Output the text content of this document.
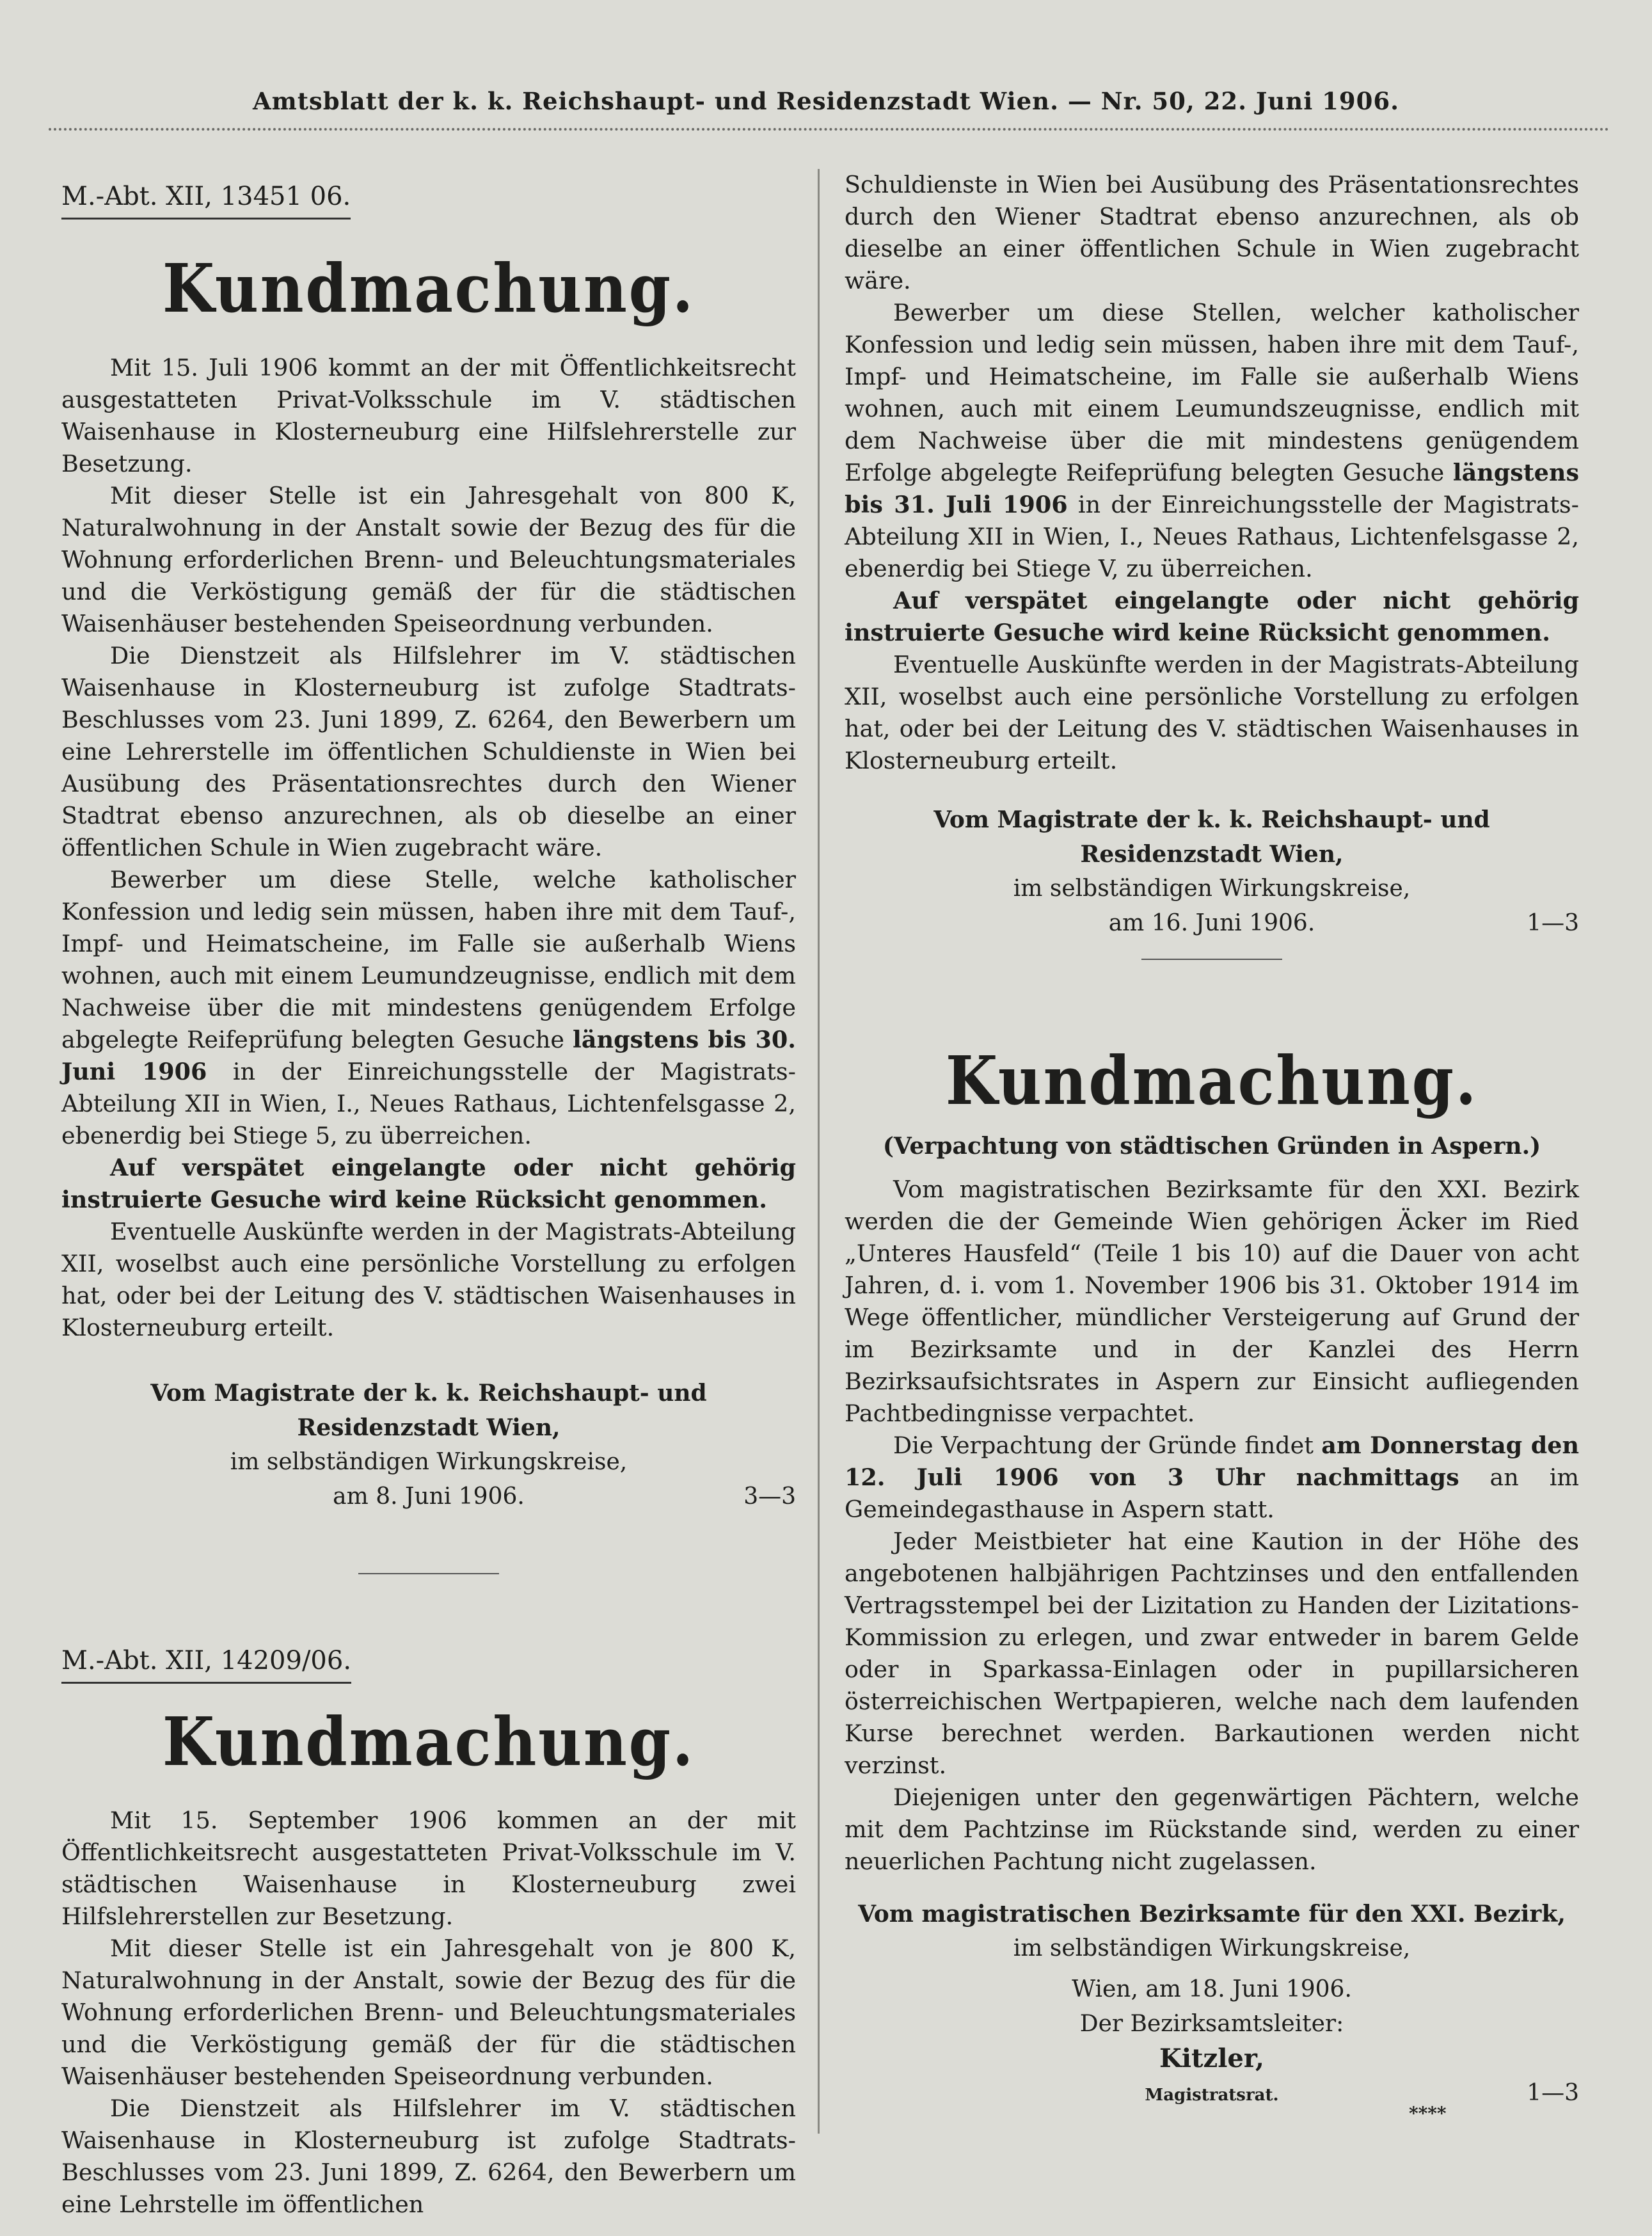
Amtsblatt der k. k. Reichshaupt- und Residenzstadt Wien. — Nr. 50, 22. Juni 1906.
M.-Abt. XII, 13451 06.
Kundmachung.

Mit 15. Juli 1906 kommt an der mit Öffentlichkeitsrecht ausgestatteten Privat-Volksschule im V. städtischen Waisenhause in Klosterneuburg eine Hilfslehrerstelle zur Besetzung.

Mit dieser Stelle ist ein Jahresgehalt von 800 K, Naturalwohnung in der Anstalt sowie der Bezug des für die Wohnung erforderlichen Brenn- und Beleuchtungsmateriales und die Verköstigung gemäß der für die städtischen Waisenhäuser bestehenden Speiseordnung verbunden.

Die Dienstzeit als Hilfslehrer im V. städtischen Waisenhause in Klosterneuburg ist zufolge Stadtrats-Beschlusses vom 23. Juni 1899, Z. 6264, den Bewerbern um eine Lehrerstelle im öffentlichen Schuldienste in Wien bei Ausübung des Präsentationsrechtes durch den Wiener Stadtrat ebenso anzurechnen, als ob dieselbe an einer öffentlichen Schule in Wien zugebracht wäre.

Bewerber um diese Stelle, welche katholischer Konfession und ledig sein müssen, haben ihre mit dem Tauf-, Impf- und Heimatscheine, im Falle sie außerhalb Wiens wohnen, auch mit einem Leumundzeugnisse, endlich mit dem Nachweise über die mit mindestens genügendem Erfolge abgelegte Reifeprüfung belegten Gesuche längstens bis 30. Juni 1906 in der Einreichungsstelle der Magistrats-Abteilung XII in Wien, I., Neues Rathaus, Lichtenfelsgasse 2, ebenerdig bei Stiege 5, zu überreichen.

Auf verspätet eingelangte oder nicht gehörig instruierte Gesuche wird keine Rücksicht genommen.

Eventuelle Auskünfte werden in der Magistrats-Abteilung XII, woselbst auch eine persönliche Vorstellung zu erfolgen hat, oder bei der Leitung des V. städtischen Waisenhauses in Klosterneuburg erteilt.

Vom Magistrate der k. k. Reichshaupt- und Residenzstadt Wien,
im selbständigen Wirkungskreise,
am 8. Juni 1906.	3—3
M.-Abt. XII, 14209/06.
Kundmachung.

Mit 15. September 1906 kommen an der mit Öffentlichkeitsrecht ausgestatteten Privat-Volksschule im V. städtischen Waisenhause in Klosterneuburg zwei Hilfslehrerstellen zur Besetzung.

Mit dieser Stelle ist ein Jahresgehalt von je 800 K, Naturalwohnung in der Anstalt, sowie der Bezug des für die Wohnung erforderlichen Brenn- und Beleuchtungsmateriales und die Verköstigung gemäß der für die städtischen Waisenhäuser bestehenden Speiseordnung verbunden.

Die Dienstzeit als Hilfslehrer im V. städtischen Waisenhause in Klosterneuburg ist zufolge Stadtrats-Beschlusses vom 23. Juni 1899, Z. 6264, den Bewerbern um eine Lehrstelle im öffentlichen

Schuldienste in Wien bei Ausübung des Präsentationsrechtes durch den Wiener Stadtrat ebenso anzurechnen, als ob dieselbe an einer öffentlichen Schule in Wien zugebracht wäre.

Bewerber um diese Stellen, welcher katholischer Konfession und ledig sein müssen, haben ihre mit dem Tauf-, Impf- und Heimatscheine, im Falle sie außerhalb Wiens wohnen, auch mit einem Leumundszeugnisse, endlich mit dem Nachweise über die mit mindestens genügendem Erfolge abgelegte Reifeprüfung belegten Gesuche längstens bis 31. Juli 1906 in der Einreichungsstelle der Magistrats-Abteilung XII in Wien, I., Neues Rathaus, Lichtenfelsgasse 2, ebenerdig bei Stiege V, zu überreichen.

Auf verspätet eingelangte oder nicht gehörig instruierte Gesuche wird keine Rücksicht genommen.

Eventuelle Auskünfte werden in der Magistrats-Abteilung XII, woselbst auch eine persönliche Vorstellung zu erfolgen hat, oder bei der Leitung des V. städtischen Waisenhauses in Klosterneuburg erteilt.

Vom Magistrate der k. k. Reichshaupt- und Residenzstadt Wien,
im selbständigen Wirkungskreise,
am 16. Juni 1906.	1—3
Kundmachung.
(Verpachtung von städtischen Gründen in Aspern.)

Vom magistratischen Bezirksamte für den XXI. Bezirk werden die der Gemeinde Wien gehörigen Äcker im Ried „Unteres Hausfeld“ (Teile 1 bis 10) auf die Dauer von acht Jahren, d. i. vom 1. November 1906 bis 31. Oktober 1914 im Wege öffentlicher, mündlicher Versteigerung auf Grund der im Bezirksamte und in der Kanzlei des Herrn Bezirksaufsichtsrates in Aspern zur Einsicht aufliegenden Pachtbedingnisse verpachtet.

Die Verpachtung der Gründe findet am Donnerstag den 12. Juli 1906 von 3 Uhr nachmittags an im Gemeindegasthause in Aspern statt.

Jeder Meistbieter hat eine Kaution in der Höhe des angebotenen halbjährigen Pachtzinses und den entfallenden Vertragsstempel bei der Lizitation zu Handen der Lizitations-Kommission zu erlegen, und zwar entweder in barem Gelde oder in Sparkassa-Einlagen oder in pupillarsicheren österreichischen Wertpapieren, welche nach dem laufenden Kurse berechnet werden. Barkautionen werden nicht verzinst.

Diejenigen unter den gegenwärtigen Pächtern, welche mit dem Pachtzinse im Rückstande sind, werden zu einer neuerlichen Pachtung nicht zugelassen.

Vom magistratischen Bezirksamte für den XXI. Bezirk,
im selbständigen Wirkungskreise,
Wien, am 18. Juni 1906.
Der Bezirksamtsleiter:
Kitzler,
Magistratsrat.	1—3
****
